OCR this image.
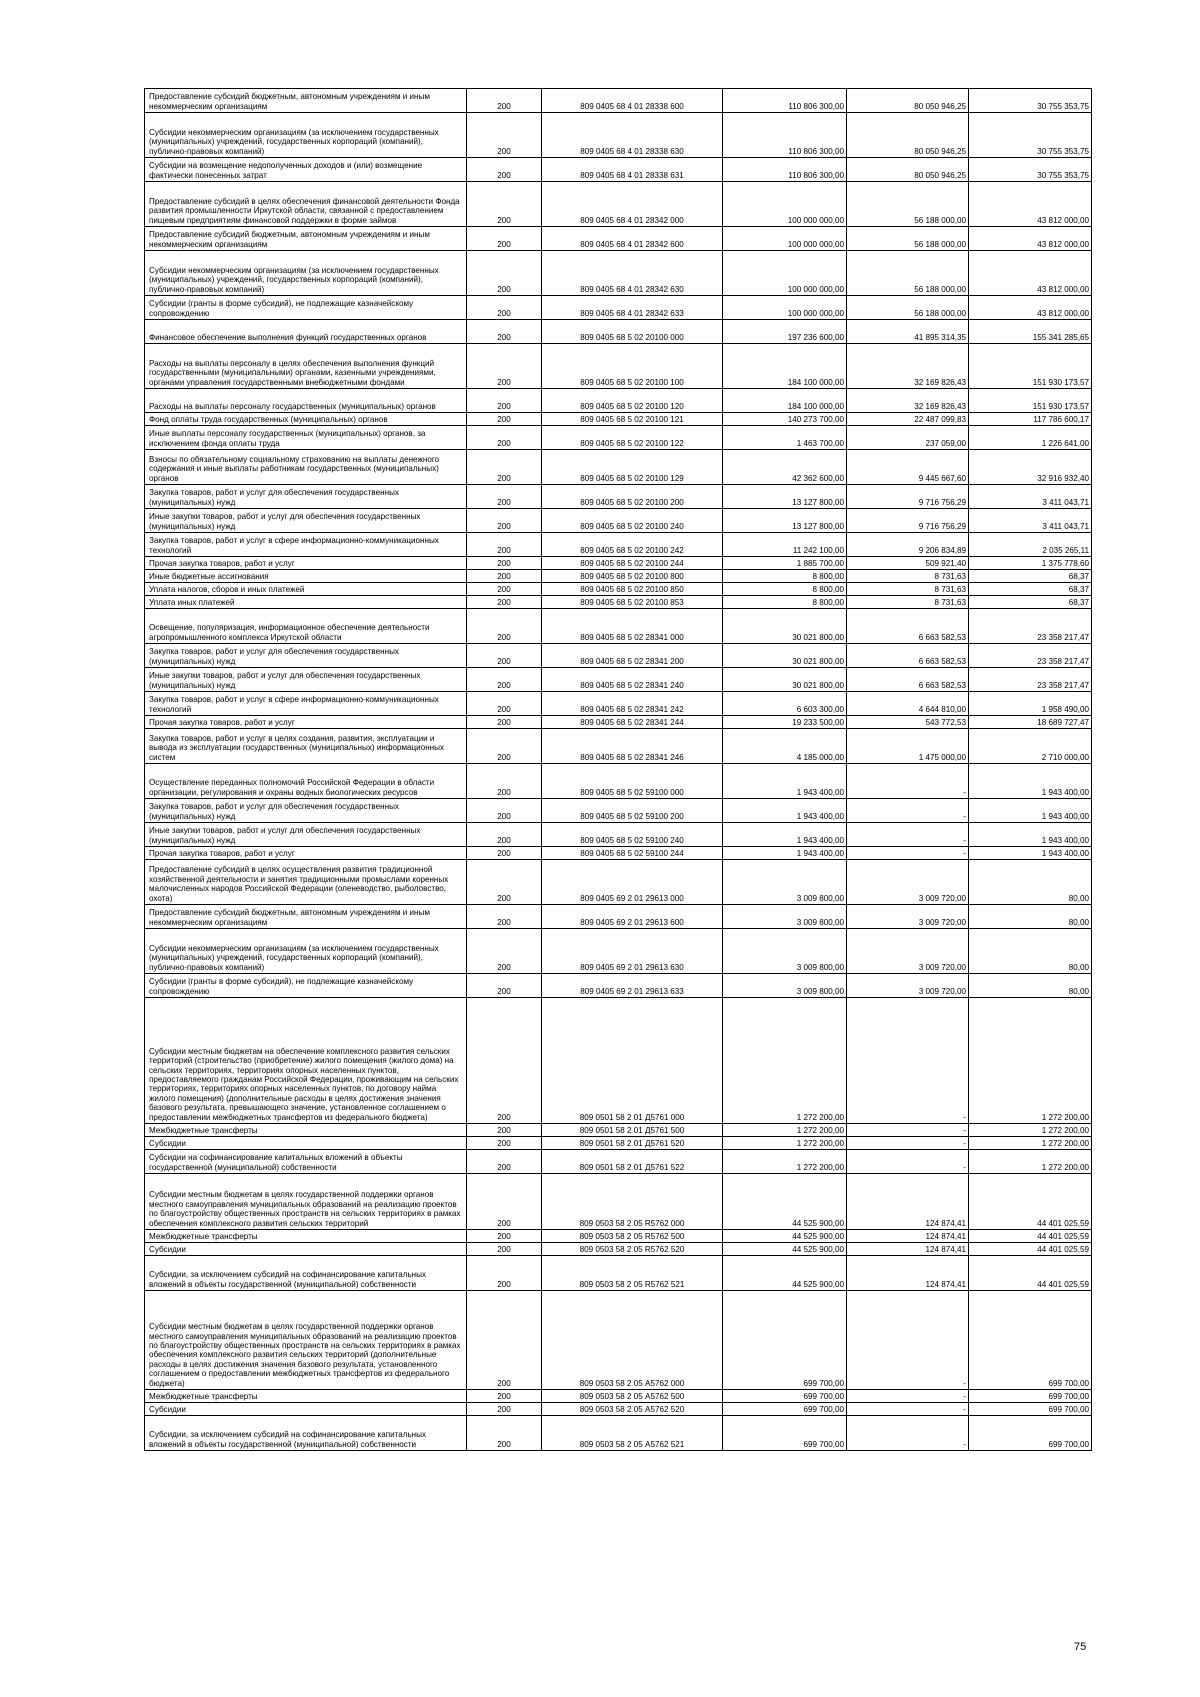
Предоставление субсидий бюджетным, автономным учреждениям и иным некоммерческим организациям	200	809 0405 68 4 01 28338 600	110 806 300,00	80 050 946,25	30 755 353,75
Субсидии некоммерческим организациям (за исключением государственных (муниципальных) учреждений, государственных корпораций (компаний), публично-правовых компаний)	200	809 0405 68 4 01 28338 630	110 806 300,00	80 050 946,25	30 755 353,75
Субсидии на возмещение недополученных доходов и (или) возмещение фактически понесенных затрат	200	809 0405 68 4 01 28338 631	110 806 300,00	80 050 946,25	30 755 353,75
Предоставление субсидий в целях обеспечения финансовой деятельности Фонда развития промышленности Иркутской области, связанной с предоставлением пищевым предприятиям финансовой поддержки в форме займов	200	809 0405 68 4 01 28342 000	100 000 000,00	56 188 000,00	43 812 000,00
Предоставление субсидий бюджетным, автономным учреждениям и иным некоммерческим организациям	200	809 0405 68 4 01 28342 600	100 000 000,00	56 188 000,00	43 812 000,00
Субсидии некоммерческим организациям (за исключением государственных (муниципальных) учреждений, государственных корпораций (компаний), публично-правовых компаний)	200	809 0405 68 4 01 28342 630	100 000 000,00	56 188 000,00	43 812 000,00
Субсидии (гранты в форме субсидий), не подлежащие казначейскому сопровождению	200	809 0405 68 4 01 28342 633	100 000 000,00	56 188 000,00	43 812 000,00
Финансовое обеспечение выполнения функций государственных органов	200	809 0405 68 5 02 20100 000	197 236 600,00	41 895 314,35	155 341 285,65
Расходы на выплаты персоналу в целях обеспечения выполнения функций государственными (муниципальными) органами, казенными учреждениями, органами управления государственными внебюджетными фондами	200	809 0405 68 5 02 20100 100	184 100 000,00	32 169 826,43	151 930 173,57
Расходы на выплаты персоналу государственных (муниципальных) органов	200	809 0405 68 5 02 20100 120	184 100 000,00	32 169 826,43	151 930 173,57
Фонд оплаты труда государственных (муниципальных) органов	200	809 0405 68 5 02 20100 121	140 273 700,00	22 487 099,83	117 786 600,17
Иные выплаты персоналу государственных (муниципальных) органов, за исключением фонда оплаты труда	200	809 0405 68 5 02 20100 122	1 463 700,00	237 059,00	1 226 641,00
Взносы по обязательному социальному страхованию на выплаты денежного содержания и иные выплаты работникам государственных (муниципальных) органов	200	809 0405 68 5 02 20100 129	42 362 600,00	9 445 667,60	32 916 932,40
Закупка товаров, работ и услуг для обеспечения государственных (муниципальных) нужд	200	809 0405 68 5 02 20100 200	13 127 800,00	9 716 756,29	3 411 043,71
Иные закупки товаров, работ и услуг для обеспечения государственных (муниципальных) нужд	200	809 0405 68 5 02 20100 240	13 127 800,00	9 716 756,29	3 411 043,71
Закупка товаров, работ и услуг в сфере информационно-коммуникационных технологий	200	809 0405 68 5 02 20100 242	11 242 100,00	9 206 834,89	2 035 265,11
Прочая закупка товаров, работ и услуг	200	809 0405 68 5 02 20100 244	1 885 700,00	509 921,40	1 375 778,60
Иные бюджетные ассигнования	200	809 0405 68 5 02 20100 800	8 800,00	8 731,63	68,37
Уплата налогов, сборов и иных платежей	200	809 0405 68 5 02 20100 850	8 800,00	8 731,63	68,37
Уплата иных платежей	200	809 0405 68 5 02 20100 853	8 800,00	8 731,63	68,37
Освещение, популяризация, информационное обеспечение деятельности агропромышленного комплекса Иркутской области	200	809 0405 68 5 02 28341 000	30 021 800,00	6 663 582,53	23 358 217,47
Закупка товаров, работ и услуг для обеспечения государственных (муниципальных) нужд	200	809 0405 68 5 02 28341 200	30 021 800,00	6 663 582,53	23 358 217,47
Иные закупки товаров, работ и услуг для обеспечения государственных (муниципальных) нужд	200	809 0405 68 5 02 28341 240	30 021 800,00	6 663 582,53	23 358 217,47
Закупка товаров, работ и услуг в сфере информационно-коммуникационных технологий	200	809 0405 68 5 02 28341 242	6 603 300,00	4 644 810,00	1 958 490,00
Прочая закупка товаров, работ и услуг	200	809 0405 68 5 02 28341 244	19 233 500,00	543 772,53	18 689 727,47
Закупка товаров, работ и услуг в целях создания, развития, эксплуатации и вывода из эксплуатации государственных (муниципальных) информационных систем	200	809 0405 68 5 02 28341 246	4 185 000,00	1 475 000,00	2 710 000,00
Осуществление переданных полномочий Российской Федерации в области организации, регулирования и охраны водных биологических ресурсов	200	809 0405 68 5 02 59100 000	1 943 400,00	-	1 943 400,00
Закупка товаров, работ и услуг для обеспечения государственных (муниципальных) нужд	200	809 0405 68 5 02 59100 200	1 943 400,00	-	1 943 400,00
Иные закупки товаров, работ и услуг для обеспечения государственных (муниципальных) нужд	200	809 0405 68 5 02 59100 240	1 943 400,00	-	1 943 400,00
Прочая закупка товаров, работ и услуг	200	809 0405 68 5 02 59100 244	1 943 400,00	-	1 943 400,00
Предоставление субсидий в целях осуществления развития традиционной хозяйственной деятельности и занятия традиционными промыслами коренных малочисленных народов Российской Федерации (оленеводство, рыболовство, охота)	200	809 0405 69 2 01 29613 000	3 009 800,00	3 009 720,00	80,00
Предоставление субсидий бюджетным, автономным учреждениям и иным некоммерческим организациям	200	809 0405 69 2 01 29613 600	3 009 800,00	3 009 720,00	80,00
Субсидии некоммерческим организациям (за исключением государственных (муниципальных) учреждений, государственных корпораций (компаний), публично-правовых компаний)	200	809 0405 69 2 01 29613 630	3 009 800,00	3 009 720,00	80,00
Субсидии (гранты в форме субсидий), не подлежащие казначейскому сопровождению	200	809 0405 69 2 01 29613 633	3 009 800,00	3 009 720,00	80,00
Субсидии местным бюджетам на обеспечение комплексного развития сельских территорий (строительство (приобретение) жилого помещения (жилого дома) на сельских территориях, территориях опорных населенных пунктов, предоставляемого гражданам Российской Федерации, проживающим на сельских территориях, территориях опорных населенных пунктов, по договору найма жилого помещения) (дополнительные расходы в целях достижения значения базового результата, превышающего значение, установленное соглашением о предоставлении межбюджетных трансфертов из федерального бюджета)	200	809 0501 58 2 01 Д5761 000	1 272 200,00	-	1 272 200,00
Межбюджетные трансферты	200	809 0501 58 2 01 Д5761 500	1 272 200,00	-	1 272 200,00
Субсидии	200	809 0501 58 2 01 Д5761 520	1 272 200,00	-	1 272 200,00
Субсидии на софинансирование капитальных вложений в объекты государственной (муниципальной) собственности	200	809 0501 58 2 01 Д5761 522	1 272 200,00	-	1 272 200,00
Субсидии местным бюджетам в целях государственной поддержки органов местного самоуправления муниципальных образований на реализацию проектов по благоустройству общественных пространств на сельских территориях в рамках обеспечения комплексного развития сельских территорий	200	809 0503 58 2 05 R5762 000	44 525 900,00	124 874,41	44 401 025,59
Межбюджетные трансферты	200	809 0503 58 2 05 R5762 500	44 525 900,00	124 874,41	44 401 025,59
Субсидии	200	809 0503 58 2 05 R5762 520	44 525 900,00	124 874,41	44 401 025,59
Субсидии, за исключением субсидий на софинансирование капитальных вложений в объекты государственной (муниципальной) собственности	200	809 0503 58 2 05 R5762 521	44 525 900,00	124 874,41	44 401 025,59
Субсидии местным бюджетам в целях государственной поддержки органов местного самоуправления муниципальных образований на реализацию проектов по благоустройству общественных пространств на сельских территориях в рамках обеспечения комплексного развития сельских территорий (дополнительные расходы в целях достижения значения базового результата, установленного соглашением о предоставлении межбюджетных трансфертов из федерального бюджета)	200	809 0503 58 2 05 А5762 000	699 700,00	-	699 700,00
Межбюджетные трансферты	200	809 0503 58 2 05 А5762 500	699 700,00	-	699 700,00
Субсидии	200	809 0503 58 2 05 А5762 520	699 700,00	-	699 700,00
Субсидии, за исключением субсидий на софинансирование капитальных вложений в объекты государственной (муниципальной) собственности	200	809 0503 58 2 05 А5762 521	699 700,00	-	699 700,00
75
